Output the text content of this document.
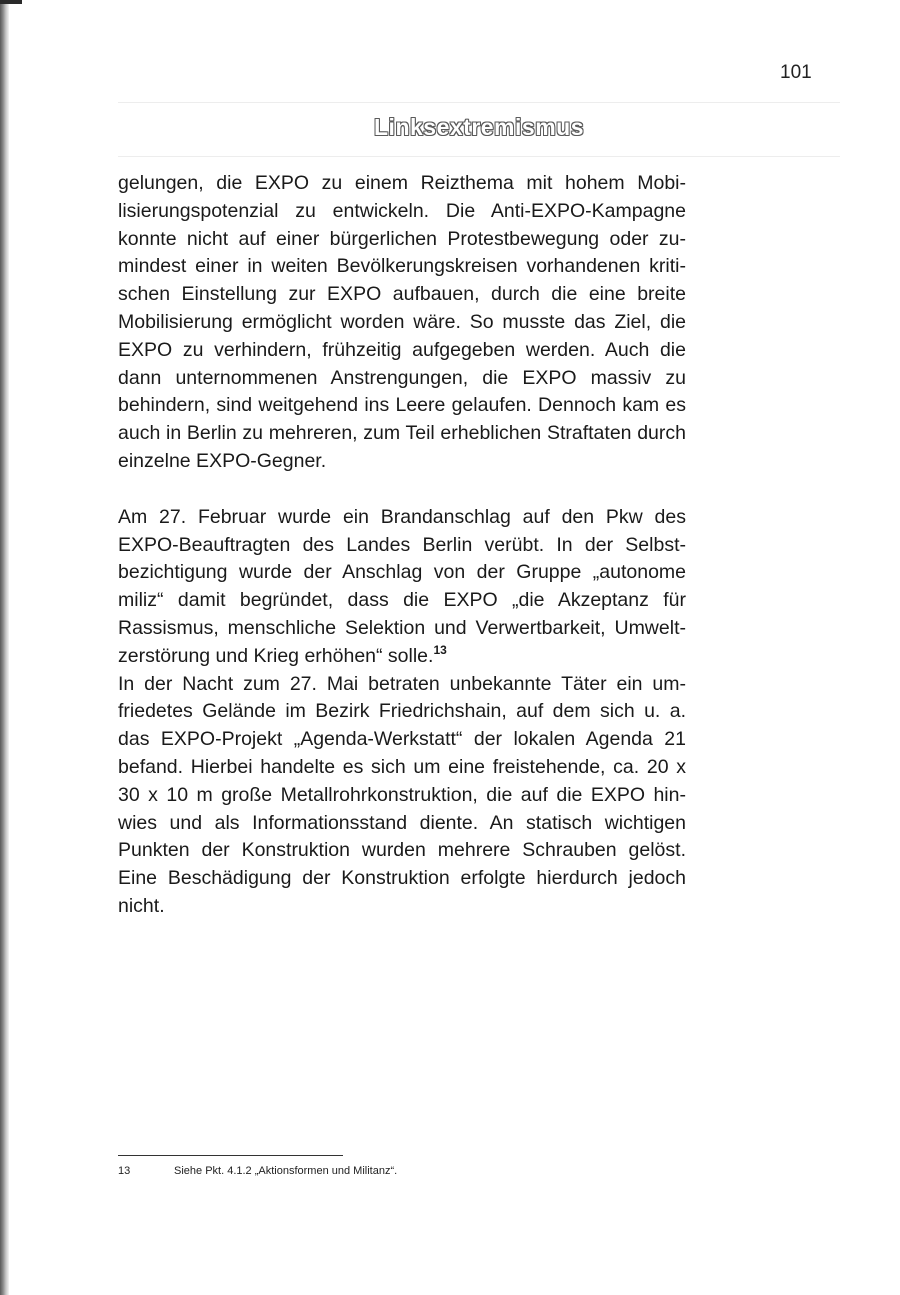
101
Linksextremismus

gelungen, die EXPO zu einem Reizthema mit hohem Mobilisierungspotenzial zu entwickeln. Die Anti-EXPO-Kampagne konnte nicht auf einer bürgerlichen Protestbewegung oder zumindest einer in weiten Bevölkerungskreisen vorhandenen kritischen Einstellung zur EXPO aufbauen, durch die eine breite Mobilisierung ermöglicht worden wäre. So musste das Ziel, die EXPO zu verhindern, frühzeitig aufgegeben werden. Auch die dann unternommenen Anstrengungen, die EXPO massiv zu behindern, sind weitgehend ins Leere gelaufen. Dennoch kam es auch in Berlin zu mehreren, zum Teil erheblichen Straftaten durch einzelne EXPO-Gegner.

Am 27. Februar wurde ein Brandanschlag auf den Pkw des EXPO-Beauftragten des Landes Berlin verübt. In der Selbstbezichtigung wurde der Anschlag von der Gruppe „autonome miliz“ damit begründet, dass die EXPO „die Akzeptanz für Rassismus, menschliche Selektion und Verwertbarkeit, Umweltzerstörung und Krieg erhöhen“ solle.$^{13}$

In der Nacht zum 27. Mai betraten unbekannte Täter ein umfriedetes Gelände im Bezirk Friedrichshain, auf dem sich u. a. das EXPO-Projekt „Agenda-Werkstatt“ der lokalen Agenda 21 befand. Hierbei handelte es sich um eine freistehende, ca. 20 x 30 x 10 m große Metallrohrkonstruktion, die auf die EXPO hinwies und als Informationsstand diente. An statisch wichtigen Punkten der Konstruktion wurden mehrere Schrauben gelöst. Eine Beschädigung der Konstruktion erfolgte hierdurch jedoch nicht.

13	Siehe Pkt. 4.1.2 „Aktionsformen und Militanz“.
